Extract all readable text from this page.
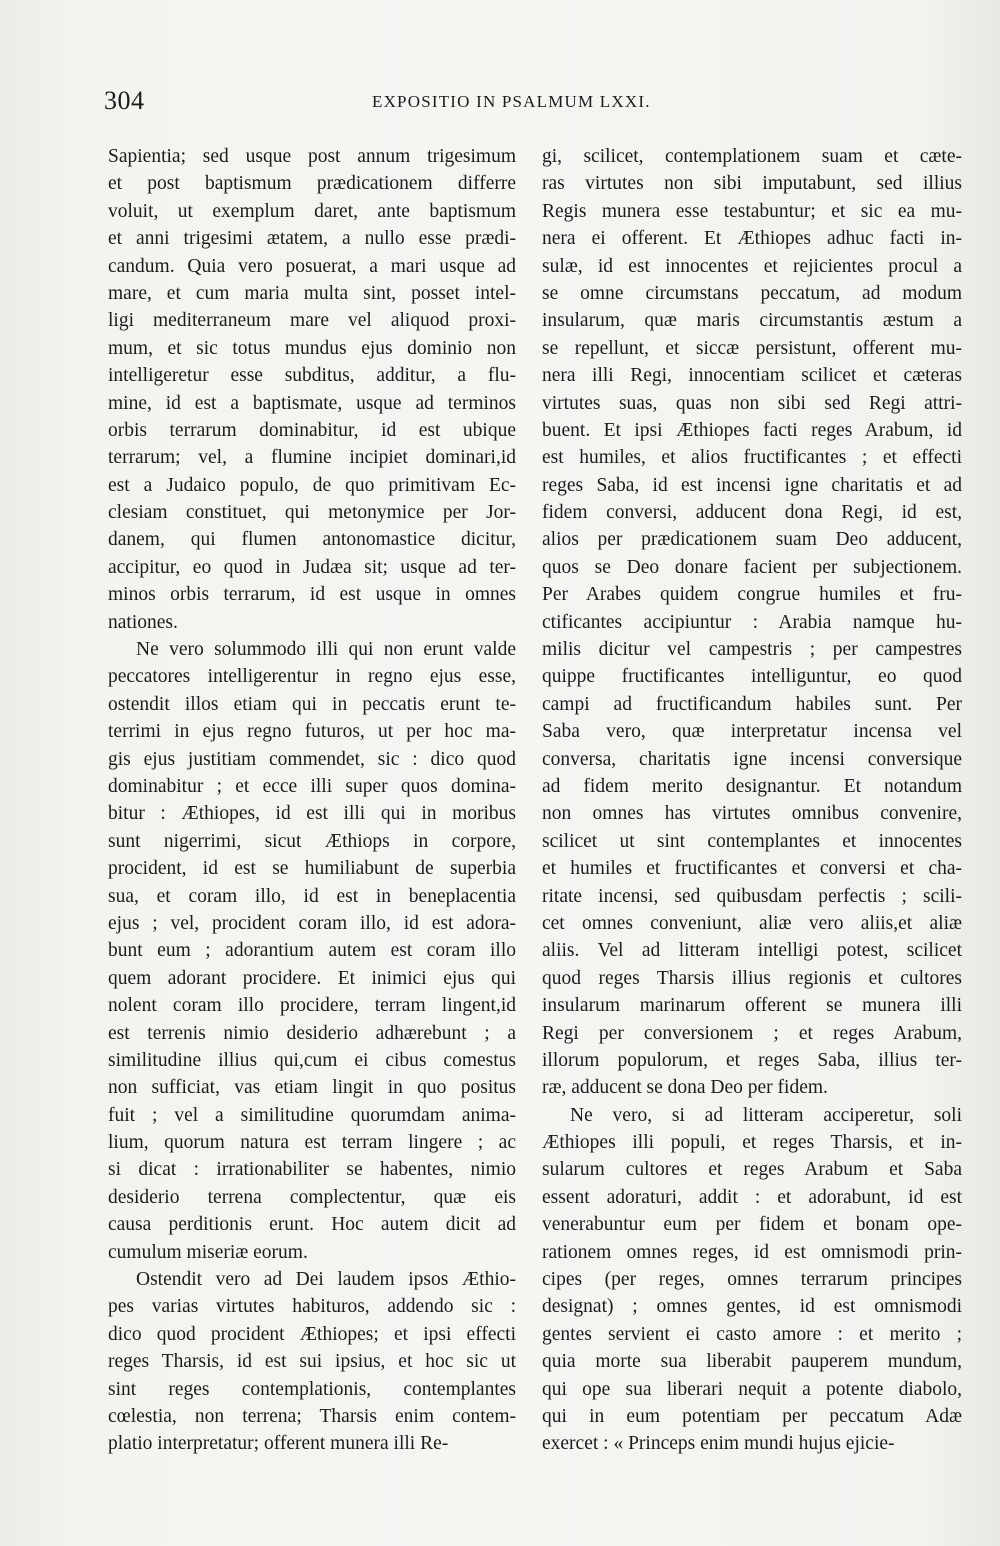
304	EXPOSITIO IN PSALMUM LXXI.
Sapientia; sed usque post annum trigesimum
et post baptismum prædicationem differre
voluit, ut exemplum daret, ante baptismum
et anni trigesimi ætatem, a nullo esse prædi-
candum. Quia vero posuerat, a mari usque ad
mare, et cum maria multa sint, posset intel-
ligi mediterraneum mare vel aliquod proxi-
mum, et sic totus mundus ejus dominio non
intelligeretur esse subditus, additur, a flu-
mine, id est a baptismate, usque ad terminos
orbis terrarum dominabitur, id est ubique
terrarum; vel, a flumine incipiet dominari,id
est a Judaico populo, de quo primitivam Ec-
clesiam constituet, qui metonymice per Jor-
danem, qui flumen antonomastice dicitur,
accipitur, eo quod in Judæa sit; usque ad ter-
minos orbis terrarum, id est usque in omnes
nationes.
Ne vero solummodo illi qui non erunt valde
peccatores intelligerentur in regno ejus esse,
ostendit illos etiam qui in peccatis erunt te-
terrimi in ejus regno futuros, ut per hoc ma-
gis ejus justitiam commendet, sic : dico quod
dominabitur ; et ecce illi super quos domina-
bitur : Æthiopes, id est illi qui in moribus
sunt nigerrimi, sicut Æthiops in corpore,
procident, id est se humiliabunt de superbia
sua, et coram illo, id est in beneplacentia
ejus ; vel, procident coram illo, id est adora-
bunt eum ; adorantium autem est coram illo
quem adorant procidere. Et inimici ejus qui
nolent coram illo procidere, terram lingent,id
est terrenis nimio desiderio adhærebunt ; a
similitudine illius qui,cum ei cibus comestus
non sufficiat, vas etiam lingit in quo positus
fuit ; vel a similitudine quorumdam anima-
lium, quorum natura est terram lingere ; ac
si dicat : irrationabiliter se habentes, nimio
desiderio terrena complectentur, quæ eis
causa perditionis erunt. Hoc autem dicit ad
cumulum miseriæ eorum.
Ostendit vero ad Dei laudem ipsos Æthio-
pes varias virtutes habituros, addendo sic :
dico quod procident Æthiopes; et ipsi effecti
reges Tharsis, id est sui ipsius, et hoc sic ut
sint reges contemplationis, contemplantes
cœlestia, non terrena; Tharsis enim contem-
platio interpretatur; offerent munera illi Re-
gi, scilicet, contemplationem suam et cæte-
ras virtutes non sibi imputabunt, sed illius
Regis munera esse testabuntur; et sic ea mu-
nera ei offerent. Et Æthiopes adhuc facti in-
sulæ, id est innocentes et rejicientes procul a
se omne circumstans peccatum, ad modum
insularum, quæ maris circumstantis æstum a
se repellunt, et siccæ persistunt, offerent mu-
nera illi Regi, innocentiam scilicet et cæteras
virtutes suas, quas non sibi sed Regi attri-
buent. Et ipsi Æthiopes facti reges Arabum, id
est humiles, et alios fructificantes ; et effecti
reges Saba, id est incensi igne charitatis et ad
fidem conversi, adducent dona Regi, id est,
alios per prædicationem suam Deo adducent,
quos se Deo donare facient per subjectionem.
Per Arabes quidem congrue humiles et fru-
ctificantes accipiuntur : Arabia namque hu-
milis dicitur vel campestris ; per campestres
quippe fructificantes intelliguntur, eo quod
campi ad fructificandum habiles sunt. Per
Saba vero, quæ interpretatur incensa vel
conversa, charitatis igne incensi conversique
ad fidem merito designantur. Et notandum
non omnes has virtutes omnibus convenire,
scilicet ut sint contemplantes et innocentes
et humiles et fructificantes et conversi et cha-
ritate incensi, sed quibusdam perfectis ; scili-
cet omnes conveniunt, aliæ vero aliis,et aliæ
aliis. Vel ad litteram intelligi potest, scilicet
quod reges Tharsis illius regionis et cultores
insularum marinarum offerent se munera illi
Regi per conversionem ; et reges Arabum,
illorum populorum, et reges Saba, illius ter-
ræ, adducent se dona Deo per fidem.
Ne vero, si ad litteram acciperetur, soli
Æthiopes illi populi, et reges Tharsis, et in-
sularum cultores et reges Arabum et Saba
essent adoraturi, addit : et adorabunt, id est
venerabuntur eum per fidem et bonam ope-
rationem omnes reges, id est omnismodi prin-
cipes (per reges, omnes terrarum principes
designat) ; omnes gentes, id est omnismodi
gentes servient ei casto amore : et merito ;
quia morte sua liberabit pauperem mundum,
qui ope sua liberari nequit a potente diabolo,
qui in eum potentiam per peccatum Adæ
exercet : « Princeps enim mundi hujus ejicie-
